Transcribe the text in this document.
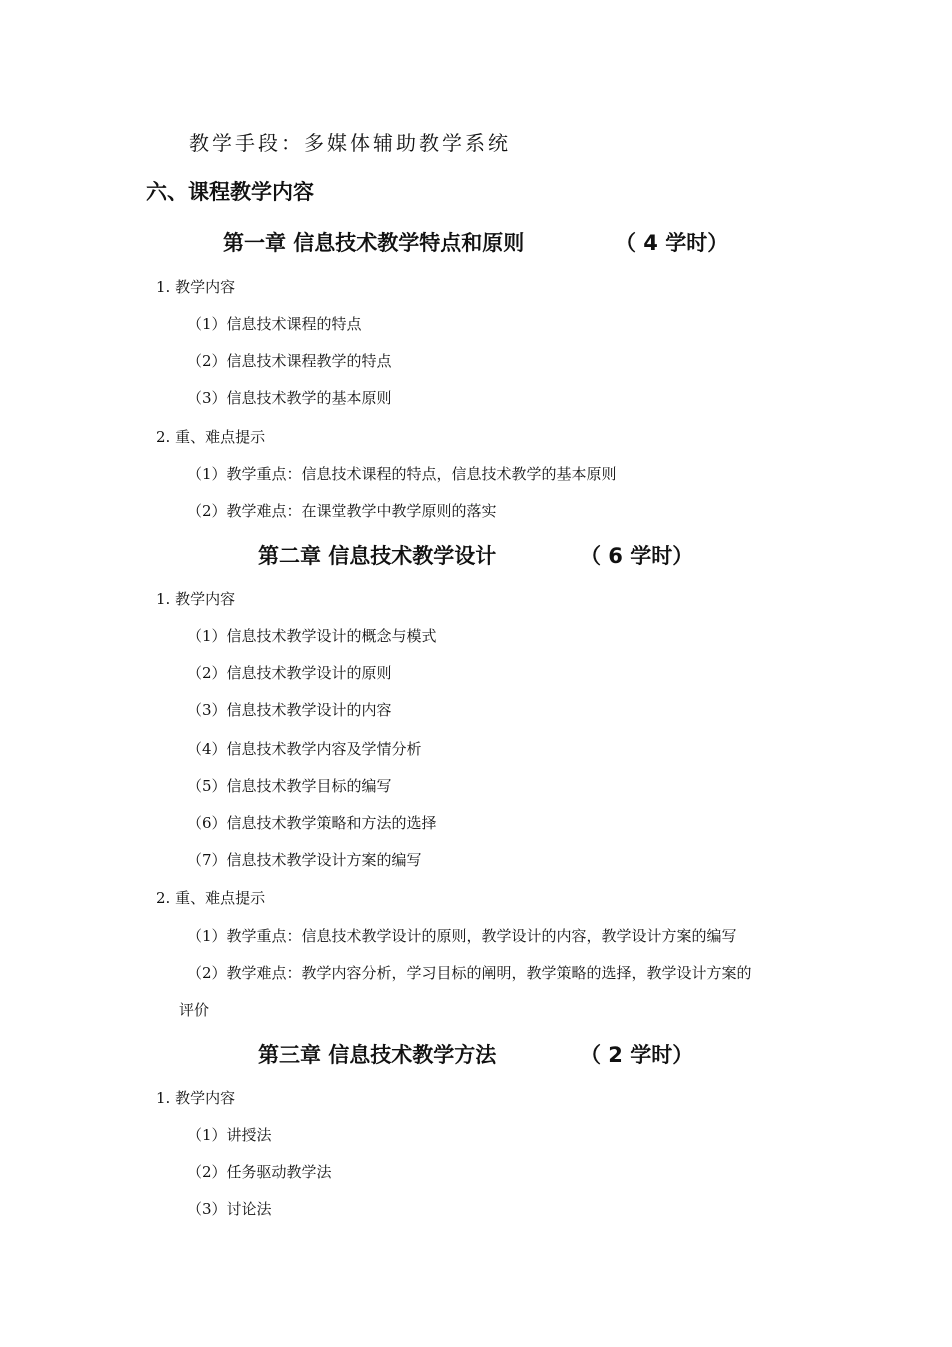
教学手段：多媒体辅助教学系统
六、课程教学内容
第一章 信息技术教学特点和原则	（ 4 学时）
1. 教学内容
（1）信息技术课程的特点
（2）信息技术课程教学的特点
（3）信息技术教学的基本原则
2. 重、难点提示
（1）教学重点：信息技术课程的特点，信息技术教学的基本原则
（2）教学难点：在课堂教学中教学原则的落实
第二章 信息技术教学设计	（ 6 学时）
1. 教学内容
（1）信息技术教学设计的概念与模式
（2）信息技术教学设计的原则
（3）信息技术教学设计的内容
（4）信息技术教学内容及学情分析
（5）信息技术教学目标的编写
（6）信息技术教学策略和方法的选择
（7）信息技术教学设计方案的编写
2. 重、难点提示
（1）教学重点：信息技术教学设计的原则，教学设计的内容，教学设计方案的编写
（2）教学难点：教学内容分析，学习目标的阐明，教学策略的选择，教学设计方案的
评价
第三章 信息技术教学方法	（ 2 学时）
1. 教学内容
（1）讲授法
（2）任务驱动教学法
（3）讨论法
